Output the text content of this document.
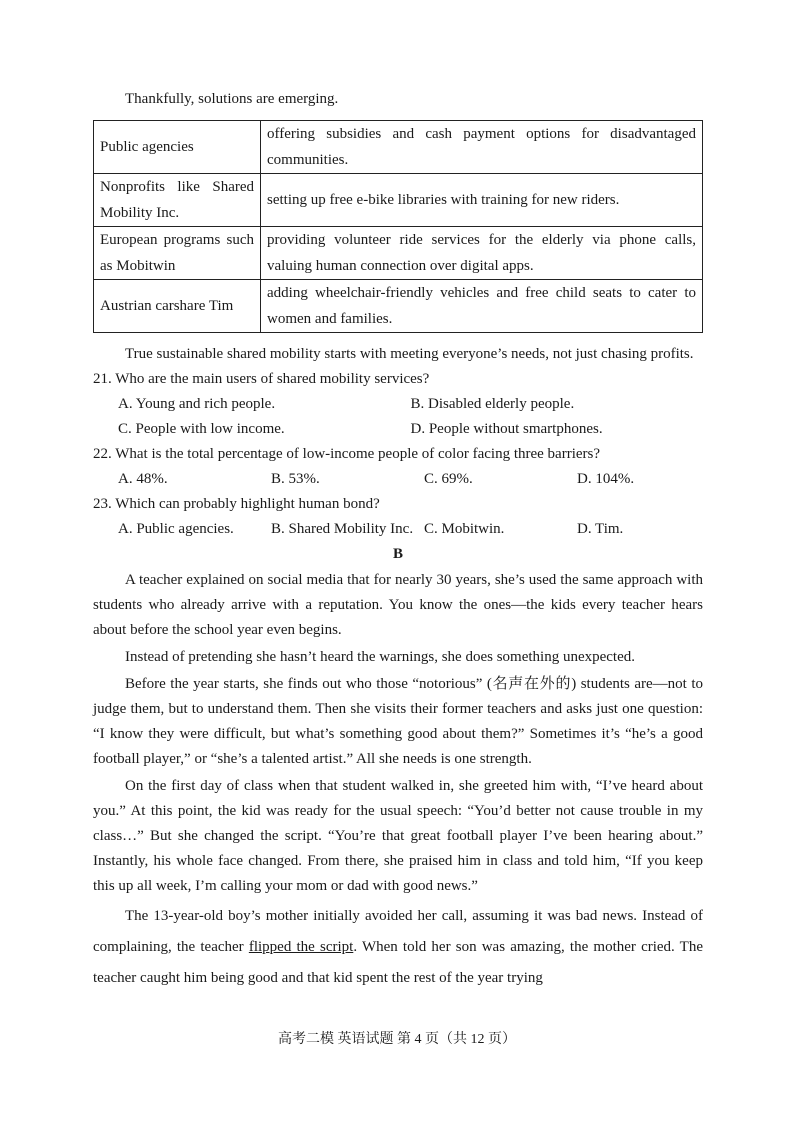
Thankfully, solutions are emerging.

Public agencies	offering subsidies and cash payment options for disadvantaged communities.
Nonprofits like Shared Mobility Inc.	setting up free e-bike libraries with training for new riders.
European programs such as Mobitwin	providing volunteer ride services for the elderly via phone calls, valuing human connection over digital apps.
Austrian carshare Tim	adding wheelchair-friendly vehicles and free child seats to cater to women and families.

True sustainable shared mobility starts with meeting everyone’s needs, not just chasing profits.

21. Who are the main users of shared mobility services?

A. Young and rich people.	B. Disabled elderly people.
C. People with low income.	D. People without smartphones.

22. What is the total percentage of low-income people of color facing three barriers?

A. 48%.	B. 53%.	C. 69%.	D. 104%.

23. Which can probably highlight human bond?

A. Public agencies.	B. Shared Mobility Inc. C. Mobitwin.	D. Tim.

B

A teacher explained on social media that for nearly 30 years, she’s used the same approach with students who already arrive with a reputation. You know the ones—the kids every teacher hears about before the school year even begins.

Instead of pretending she hasn’t heard the warnings, she does something unexpected.

Before the year starts, she finds out who those “notorious” (名声在外的) students are—not to judge them, but to understand them. Then she visits their former teachers and asks just one question: “I know they were difficult, but what’s something good about them?” Sometimes it’s “he’s a good football player,” or “she’s a talented artist.” All she needs is one strength.

On the first day of class when that student walked in, she greeted him with, “I’ve heard about you.” At this point, the kid was ready for the usual speech: “You’d better not cause trouble in my class…” But she changed the script. “You’re that great football player I’ve been hearing about.” Instantly, his whole face changed. From there, she praised him in class and told him, “If you keep this up all week, I’m calling your mom or dad with good news.”

The 13-year-old boy’s mother initially avoided her call, assuming it was bad news. Instead of complaining, the teacher flipped the script. When told her son was amazing, the mother cried. The teacher caught him being good and that kid spent the rest of the year trying

高考二模 英语试题 第 4 页（共 12 页）
